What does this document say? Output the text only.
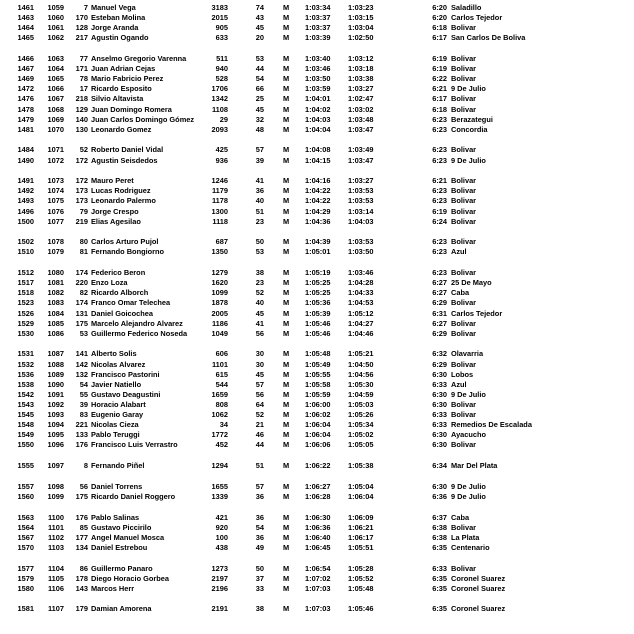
1461	1059	7 Manuel Vega	3183	74	M	1:03:34	1:03:23	6:20 Saladillo
1463	1060	170 Esteban Molina	2015	43	M	1:03:37	1:03:15	6:20 Carlos Tejedor
1464	1061	128 Jorge Aranda	905	45	M	1:03:37	1:03:04	6:18 Bolivar
1465	1062	217 Agustin Ogando	633	20	M	1:03:39	1:02:50	6:17 San Carlos De Boliva
1466	1063	77 Anselmo Gregorio Varenna	511	53	M	1:03:40	1:03:12	6:19 Bolivar
1467	1064	171 Juan Adrian Cejas	940	44	M	1:03:46	1:03:18	6:19 Bolivar
1469	1065	78 Mario Fabricio Perez	528	54	M	1:03:50	1:03:38	6:22 Bolivar
1472	1066	17 Ricardo Esposito	1706	66	M	1:03:59	1:03:27	6:21 9 De Julio
1476	1067	218 Silvio Altavista	1342	25	M	1:04:01	1:02:47	6:17 Bolivar
1478	1068	129 Juan Domingo Romera	1108	45	M	1:04:02	1:03:02	6:18 Bolivar
1479	1069	140 Juan Carlos Domingo Gómez	29	32	M	1:04:03	1:03:48	6:23 Berazategui
1481	1070	130 Leonardo Gomez	2093	48	M	1:04:04	1:03:47	6:23 Concordia
1484	1071	52 Roberto Daniel Vidal	425	57	M	1:04:08	1:03:49	6:23 Bolivar
1490	1072	172 Agustin Seisdedos	936	39	M	1:04:15	1:03:47	6:23 9 De Julio
1491	1073	172 Mauro Peret	1246	41	M	1:04:16	1:03:27	6:21 Bolivar
1492	1074	173 Lucas Rodriguez	1179	36	M	1:04:22	1:03:53	6:23 Bolivar
1493	1075	173 Leonardo Palermo	1178	40	M	1:04:22	1:03:53	6:23 Bolivar
1496	1076	79 Jorge Crespo	1300	51	M	1:04:29	1:03:14	6:19 Bolivar
1500	1077	219 Elias Agesilao	1118	23	M	1:04:36	1:04:03	6:24 Bolivar
1502	1078	80 Carlos Arturo Pujol	687	50	M	1:04:39	1:03:53	6:23 Bolivar
1510	1079	81 Fernando Bongiorno	1350	53	M	1:05:01	1:03:50	6:23 Azul
1512	1080	174 Federico Beron	1279	38	M	1:05:19	1:03:46	6:23 Bolivar
1517	1081	220 Enzo Loza	1620	23	M	1:05:25	1:04:28	6:27 25 De Mayo
1518	1082	82 Ricardo Alborch	1099	52	M	1:05:25	1:04:33	6:27 Caba
1523	1083	174 Franco Omar Telechea	1878	40	M	1:05:36	1:04:53	6:29 Bolivar
1526	1084	131 Daniel Goicochea	2005	45	M	1:05:39	1:05:12	6:31 Carlos Tejedor
1529	1085	175 Marcelo Alejandro Alvarez	1186	41	M	1:05:46	1:04:27	6:27 Bolivar
1530	1086	53 Guillermo Federico Noseda	1049	56	M	1:05:46	1:04:46	6:29 Bolivar
1531	1087	141 Alberto Solis	606	30	M	1:05:48	1:05:21	6:32 Olavarria
1532	1088	142 Nicolas Alvarez	1101	30	M	1:05:49	1:04:50	6:29 Bolivar
1536	1089	132 Francisco Pastorini	615	45	M	1:05:55	1:04:56	6:30 Lobos
1538	1090	54 Javier Natiello	544	57	M	1:05:58	1:05:30	6:33 Azul
1542	1091	55 Gustavo Deagustini	1659	56	M	1:05:59	1:04:59	6:30 9 De Julio
1543	1092	39 Horacio Alabart	808	64	M	1:06:00	1:05:03	6:30 Bolivar
1545	1093	83 Eugenio Garay	1062	52	M	1:06:02	1:05:26	6:33 Bolivar
1548	1094	221 Nicolas Cieza	34	21	M	1:06:04	1:05:34	6:33 Remedios De Escalada
1549	1095	133 Pablo Teruggi	1772	46	M	1:06:04	1:05:02	6:30 Ayacucho
1550	1096	176 Francisco Luis Verrastro	452	44	M	1:06:06	1:05:05	6:30 Bolivar
1555	1097	8 Fernando Piñel	1294	51	M	1:06:22	1:05:38	6:34 Mar Del Plata
1557	1098	56 Daniel Torrens	1655	57	M	1:06:27	1:05:04	6:30 9 De Julio
1560	1099	175 Ricardo Daniel Roggero	1339	36	M	1:06:28	1:06:04	6:36 9 De Julio
1563	1100	176 Pablo Salinas	421	36	M	1:06:30	1:06:09	6:37 Caba
1564	1101	85 Gustavo Piccirilo	920	54	M	1:06:36	1:06:21	6:38 Bolivar
1567	1102	177 Angel Manuel Mosca	100	36	M	1:06:40	1:06:17	6:38 La Plata
1570	1103	134 Daniel Estrebou	438	49	M	1:06:45	1:05:51	6:35 Centenario
1577	1104	86 Guillermo Panaro	1273	50	M	1:06:54	1:05:28	6:33 Bolivar
1579	1105	178 Diego Horacio Gorbea	2197	37	M	1:07:02	1:05:52	6:35 Coronel Suarez
1580	1106	143 Marcos Herr	2196	33	M	1:07:03	1:05:48	6:35 Coronel Suarez
1581	1107	179 Damian Amorena	2191	38	M	1:07:03	1:05:46	6:35 Coronel Suarez
